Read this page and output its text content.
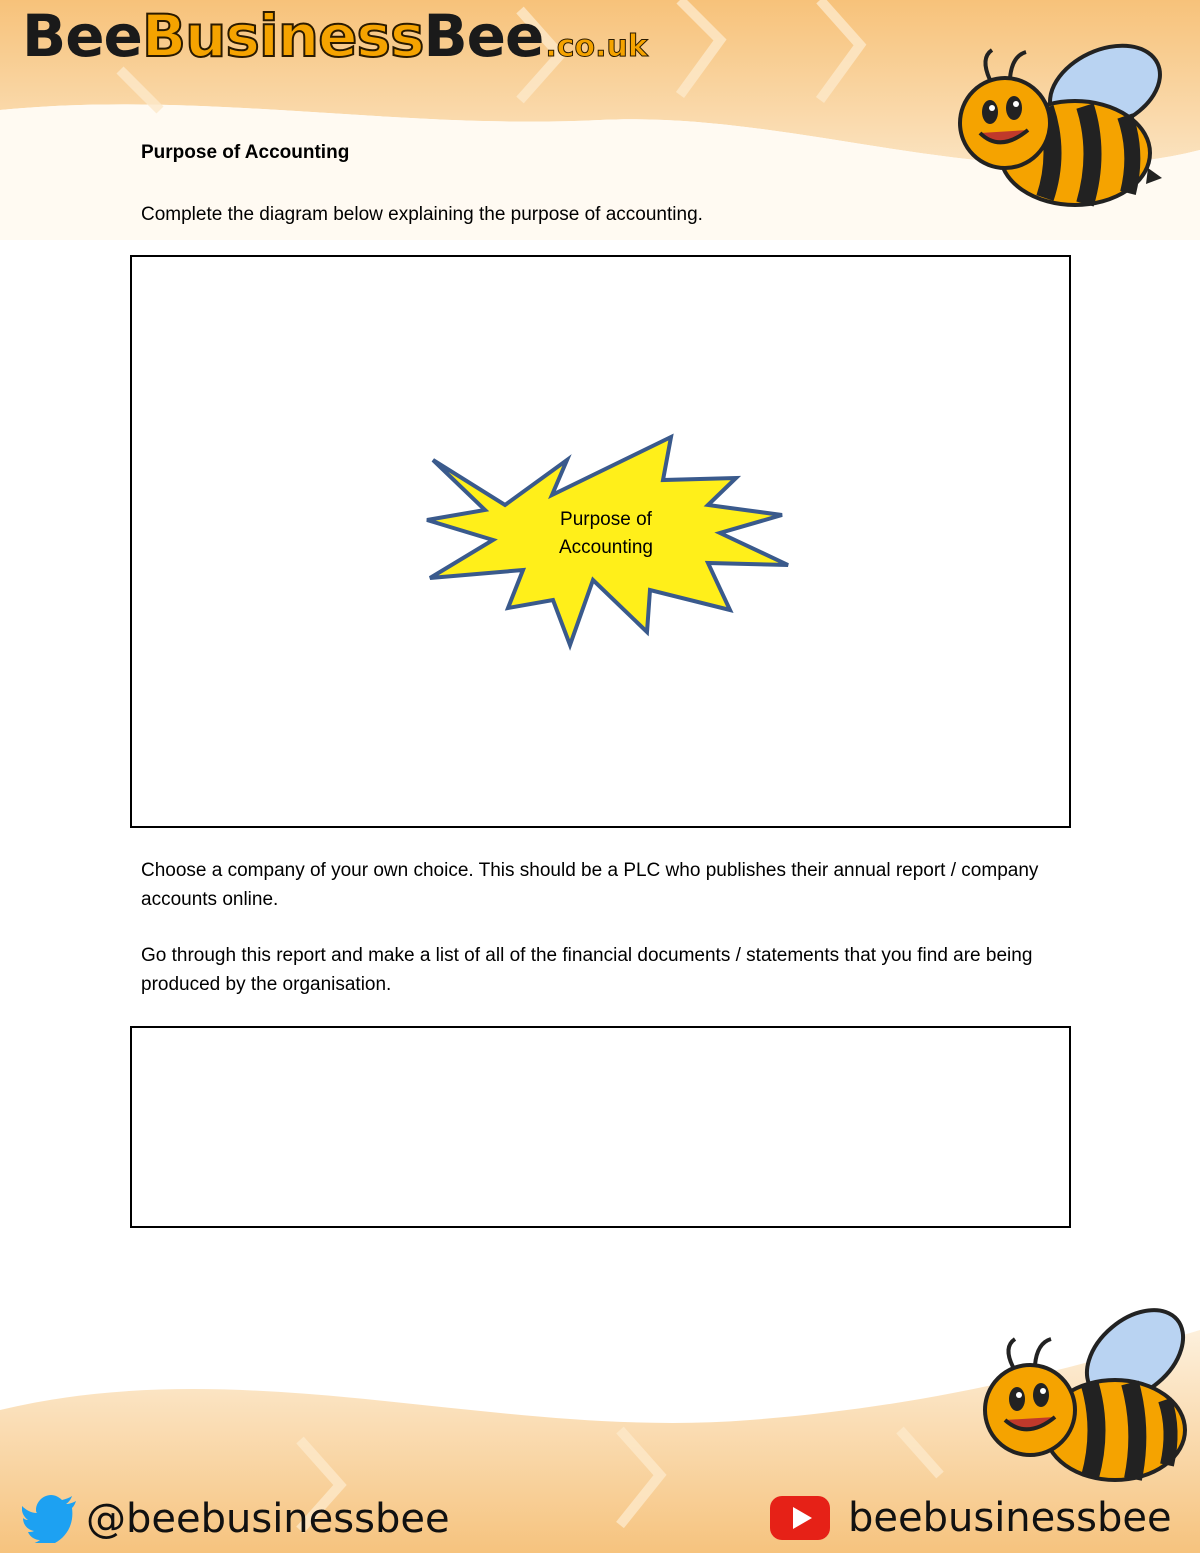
Bee Business Bee .co.uk
Purpose of Accounting
Complete the diagram below explaining the purpose of accounting.
Purpose of
Accounting
Choose a company of your own choice. This should be a PLC who publishes their annual report / company accounts online.
Go through this report and make a list of all of the financial documents / statements that you find are being produced by the organisation.
@beebusinessbee	beebusinessbee
